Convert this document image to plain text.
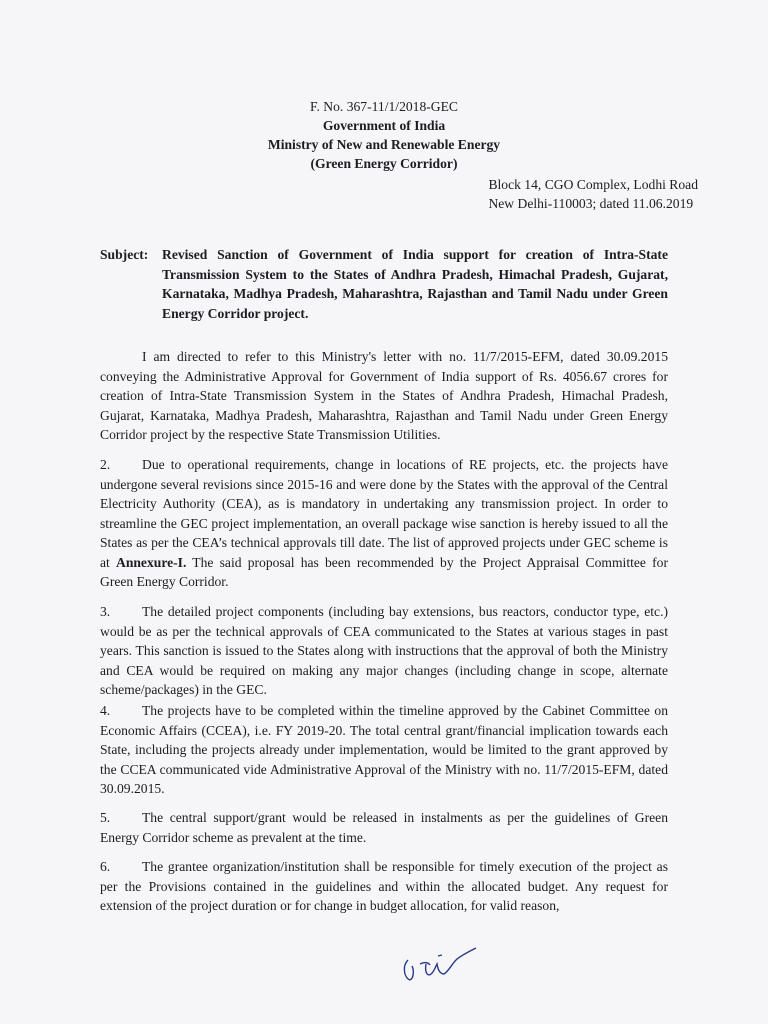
F. No. 367-11/1/2018-GEC
Government of India
Ministry of New and Renewable Energy
(Green Energy Corridor)
Block 14, CGO Complex, Lodhi Road
New Delhi-110003; dated 11.06.2019
Subject: Revised Sanction of Government of India support for creation of Intra-State Transmission System to the States of Andhra Pradesh, Himachal Pradesh, Gujarat, Karnataka, Madhya Pradesh, Maharashtra, Rajasthan and Tamil Nadu under Green Energy Corridor project.
I am directed to refer to this Ministry's letter with no. 11/7/2015-EFM, dated 30.09.2015 conveying the Administrative Approval for Government of India support of Rs. 4056.67 crores for creation of Intra-State Transmission System in the States of Andhra Pradesh, Himachal Pradesh, Gujarat, Karnataka, Madhya Pradesh, Maharashtra, Rajasthan and Tamil Nadu under Green Energy Corridor project by the respective State Transmission Utilities.
2. Due to operational requirements, change in locations of RE projects, etc. the projects have undergone several revisions since 2015-16 and were done by the States with the approval of the Central Electricity Authority (CEA), as is mandatory in undertaking any transmission project. In order to streamline the GEC project implementation, an overall package wise sanction is hereby issued to all the States as per the CEA’s technical approvals till date. The list of approved projects under GEC scheme is at Annexure-I. The said proposal has been recommended by the Project Appraisal Committee for Green Energy Corridor.
3. The detailed project components (including bay extensions, bus reactors, conductor type, etc.) would be as per the technical approvals of CEA communicated to the States at various stages in past years. This sanction is issued to the States along with instructions that the approval of both the Ministry and CEA would be required on making any major changes (including change in scope, alternate scheme/packages) in the GEC.
4. The projects have to be completed within the timeline approved by the Cabinet Committee on Economic Affairs (CCEA), i.e. FY 2019-20. The total central grant/financial implication towards each State, including the projects already under implementation, would be limited to the grant approved by the CCEA communicated vide Administrative Approval of the Ministry with no. 11/7/2015-EFM, dated 30.09.2015.
5. The central support/grant would be released in instalments as per the guidelines of Green Energy Corridor scheme as prevalent at the time.
6. The grantee organization/institution shall be responsible for timely execution of the project as per the Provisions contained in the guidelines and within the allocated budget. Any request for extension of the project duration or for change in budget allocation, for valid reason,
